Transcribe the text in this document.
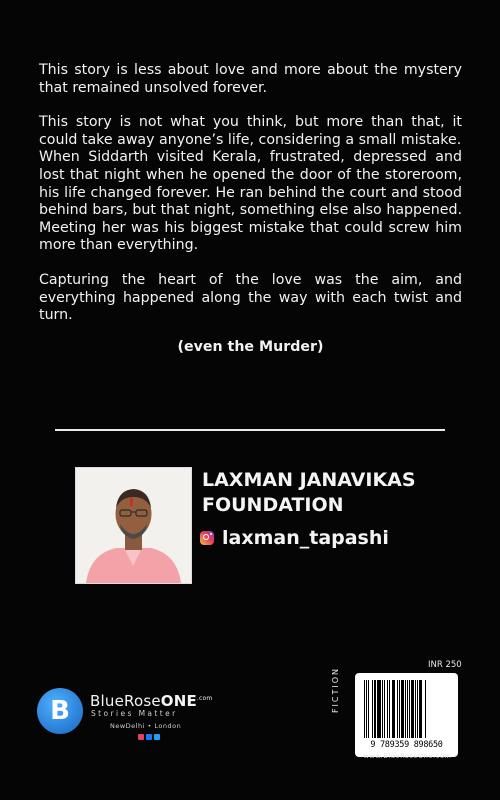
This story is less about love and more about the mystery that remained unsolved forever.

This story is not what you think, but more than that, it could take away anyone’s life, considering a small mistake.

When Siddarth visited Kerala, frustrated, depressed and lost that night when he opened the door of the storeroom, his life changed forever. He ran behind the court and stood behind bars, but that night, something else also happened. Meeting her was his biggest mistake that could screw him more than everything.

Capturing the heart of the love was the aim, and everything happened along the way with each twist and turn.

(even the Murder)

LAXMAN JANAVIKAS
FOUNDATION
laxman_tapashi
B	BlueRoseONE$^{.com}$
Stories Matter
NewDelhi • London
INR 250
FICTION
9 789359 898650
www.BlueRoseOne.com
